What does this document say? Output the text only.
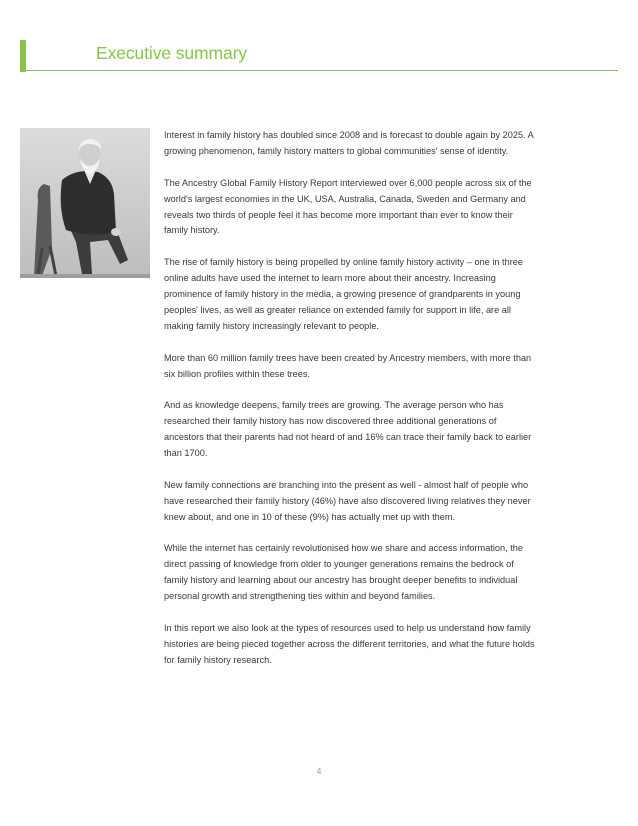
Executive summary

Interest in family history has doubled since 2008 and is forecast to double again by 2025. A growing phenomenon, family history matters to global communities' sense of identity.

The Ancestry Global Family History Report interviewed over 6,000 people across six of the world's largest economies in the UK, USA, Australia, Canada, Sweden and Germany and reveals two thirds of people feel it has become more important than ever to know their family history.

The rise of family history is being propelled by online family history activity – one in three online adults have used the internet to learn more about their ancestry. Increasing prominence of family history in the media, a growing presence of grandparents in young peoples' lives, as well as greater reliance on extended family for support in life, are all making family history increasingly relevant to people.

More than 60 million family trees have been created by Ancestry members, with more than six billion profiles within these trees.

And as knowledge deepens, family trees are growing. The average person who has researched their family history has now discovered three additional generations of ancestors that their parents had not heard of and 16% can trace their family back to earlier than 1700.

New family connections are branching into the present as well - almost half of people who have researched their family history (46%) have also discovered living relatives they never knew about, and one in 10 of these (9%) has actually met up with them.

While the internet has certainly revolutionised how we share and access information, the direct passing of knowledge from older to younger generations remains the bedrock of family history and learning about our ancestry has brought deeper benefits to individual personal growth and strengthening ties within and beyond families.

In this report we also look at the types of resources used to help us understand how family histories are being pieced together across the different territories, and what the future holds for family history research.

4
